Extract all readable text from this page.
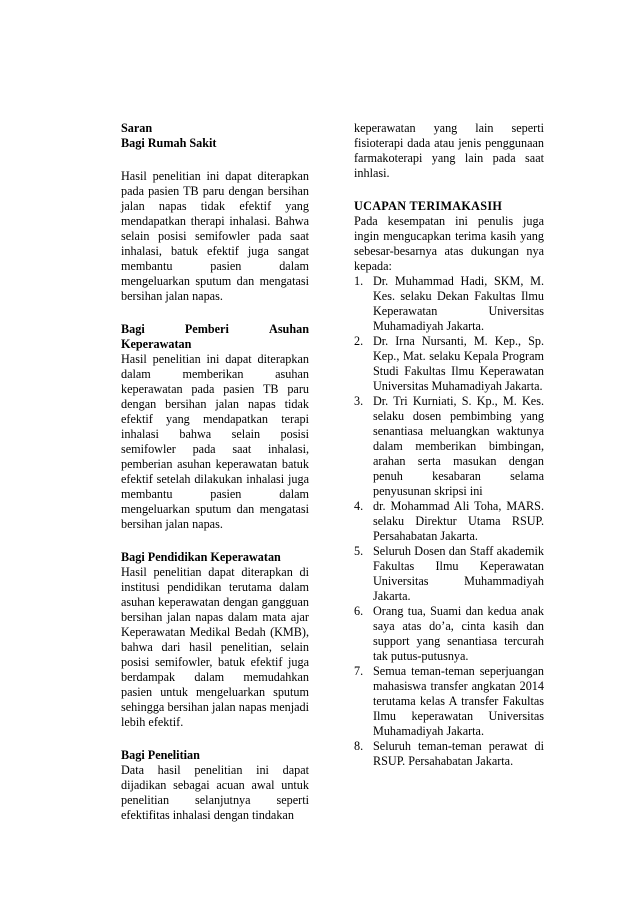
Saran
Bagi Rumah Sakit

Hasil penelitian ini dapat diterapkan pada pasien TB paru dengan bersihan jalan napas tidak efektif yang mendapatkan therapi inhalasi. Bahwa selain posisi semifowler pada saat inhalasi, batuk efektif juga sangat membantu pasien dalam mengeluarkan sputum dan mengatasi bersihan jalan napas.

Bagi	Pemberi	Asuhan
Keperawatan

Hasil penelitian ini dapat diterapkan dalam memberikan asuhan keperawatan pada pasien TB paru dengan bersihan jalan napas tidak efektif yang mendapatkan terapi inhalasi bahwa selain posisi semifowler pada saat inhalasi, pemberian asuhan keperawatan batuk efektif setelah dilakukan inhalasi juga membantu pasien dalam mengeluarkan sputum dan mengatasi bersihan jalan napas.

Bagi Pendidikan Keperawatan

Hasil penelitian dapat diterapkan di institusi pendidikan terutama dalam asuhan keperawatan dengan gangguan bersihan jalan napas dalam mata ajar Keperawatan Medikal Bedah (KMB), bahwa dari hasil penelitian, selain posisi semifowler, batuk efektif juga berdampak dalam memudahkan pasien untuk mengeluarkan sputum sehingga bersihan jalan napas menjadi lebih efektif.

Bagi Penelitian

Data hasil penelitian ini dapat dijadikan sebagai acuan awal untuk penelitian selanjutnya seperti efektifitas inhalasi dengan tindakan

keperawatan yang lain seperti fisioterapi dada atau jenis penggunaan farmakoterapi yang lain pada saat inhlasi.

UCAPAN TERIMAKASIH

Pada kesempatan ini penulis juga ingin mengucapkan terima kasih yang sebesar-besarnya atas dukungan nya kepada:

1. Dr. Muhammad Hadi, SKM, M. Kes. selaku Dekan Fakultas Ilmu Keperawatan Universitas Muhamadiyah Jakarta.
2. Dr. Irna Nursanti, M. Kep., Sp. Kep., Mat. selaku Kepala Program Studi Fakultas Ilmu Keperawatan Universitas Muhamadiyah Jakarta.
3. Dr. Tri Kurniati, S. Kp., M. Kes. selaku dosen pembimbing yang senantiasa meluangkan waktunya dalam memberikan bimbingan, arahan serta masukan dengan penuh kesabaran selama penyusunan skripsi ini
4. dr. Mohammad Ali Toha, MARS. selaku Direktur Utama RSUP. Persahabatan Jakarta.
5. Seluruh Dosen dan Staff akademik Fakultas Ilmu Keperawatan Universitas Muhammadiyah Jakarta.
6. Orang tua, Suami dan kedua anak saya atas do’a, cinta kasih dan support yang senantiasa tercurah tak putus-putusnya.
7. Semua teman-teman seperjuangan mahasiswa transfer angkatan 2014 terutama kelas A transfer Fakultas Ilmu keperawatan Universitas Muhamadiyah Jakarta.
8. Seluruh teman-teman perawat di RSUP. Persahabatan Jakarta.
